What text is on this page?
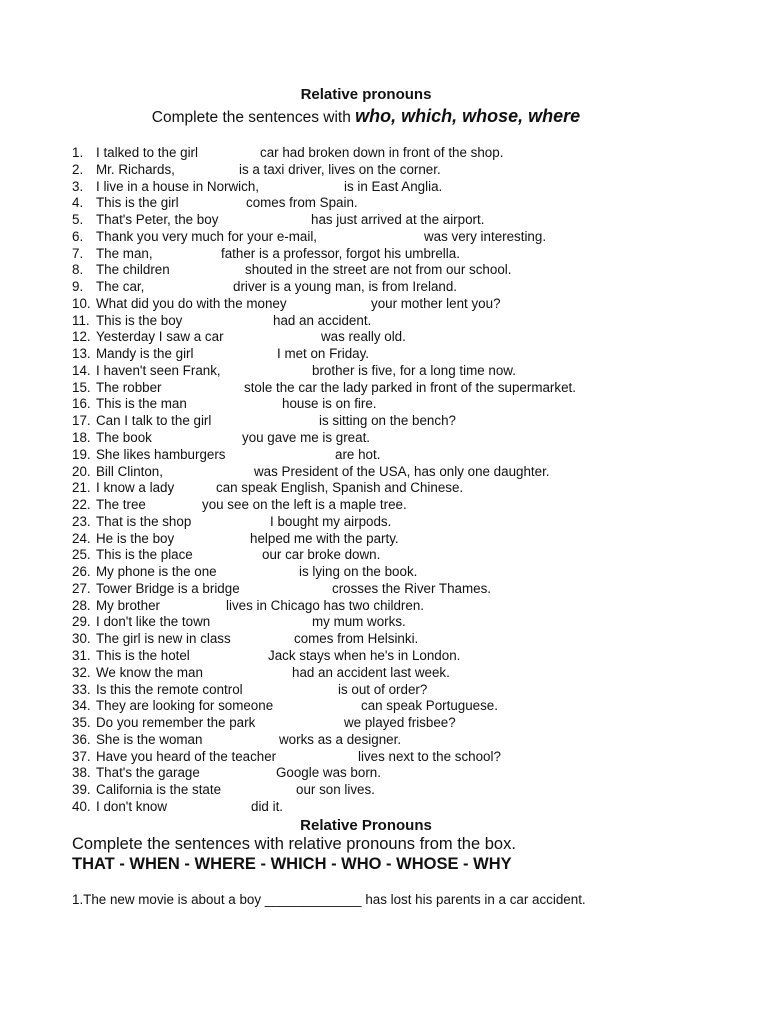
Relative pronouns
Complete the sentences with who, which, whose, where
1. I talked to the girl	car had broken down in front of the shop.
2. Mr. Richards,	is a taxi driver, lives on the corner.
3. I live in a house in Norwich,	is in East Anglia.
4. This is the girl	comes from Spain.
5. That's Peter, the boy	has just arrived at the airport.
6. Thank you very much for your e-mail,	was very interesting.
7. The man,	father is a professor, forgot his umbrella.
8. The children	shouted in the street are not from our school.
9. The car,	driver is a young man, is from Ireland.
10. What did you do with the money	your mother lent you?
11. This is the boy	had an accident.
12. Yesterday I saw a car	was really old.
13. Mandy is the girl	I met on Friday.
14. I haven't seen Frank,	brother is five, for a long time now.
15. The robber	stole the car the lady parked in front of the supermarket.
16. This is the man	house is on fire.
17. Can I talk to the girl	is sitting on the bench?
18. The book	you gave me is great.
19. She likes hamburgers	are hot.
20. Bill Clinton,	was President of the USA, has only one daughter.
21. I know a lady	can speak English, Spanish and Chinese.
22. The tree	you see on the left is a maple tree.
23. That is the shop	I bought my airpods.
24. He is the boy	helped me with the party.
25. This is the place	our car broke down.
26. My phone is the one	is lying on the book.
27. Tower Bridge is a bridge	crosses the River Thames.
28. My brother	lives in Chicago has two children.
29. I don't like the town	my mum works.
30. The girl is new in class	comes from Helsinki.
31. This is the hotel	Jack stays when he's in London.
32. We know the man	had an accident last week.
33. Is this the remote control	is out of order?
34. They are looking for someone	can speak Portuguese.
35. Do you remember the park	we played frisbee?
36. She is the woman	works as a designer.
37. Have you heard of the teacher	lives next to the school?
38. That's the garage	Google was born.
39. California is the state	our son lives.
40. I don't know	did it.
Relative Pronouns
Complete the sentences with relative pronouns from the box.
THAT - WHEN - WHERE - WHICH - WHO - WHOSE - WHY
1.The new movie is about a boy _____________ has lost his parents in a car accident.
